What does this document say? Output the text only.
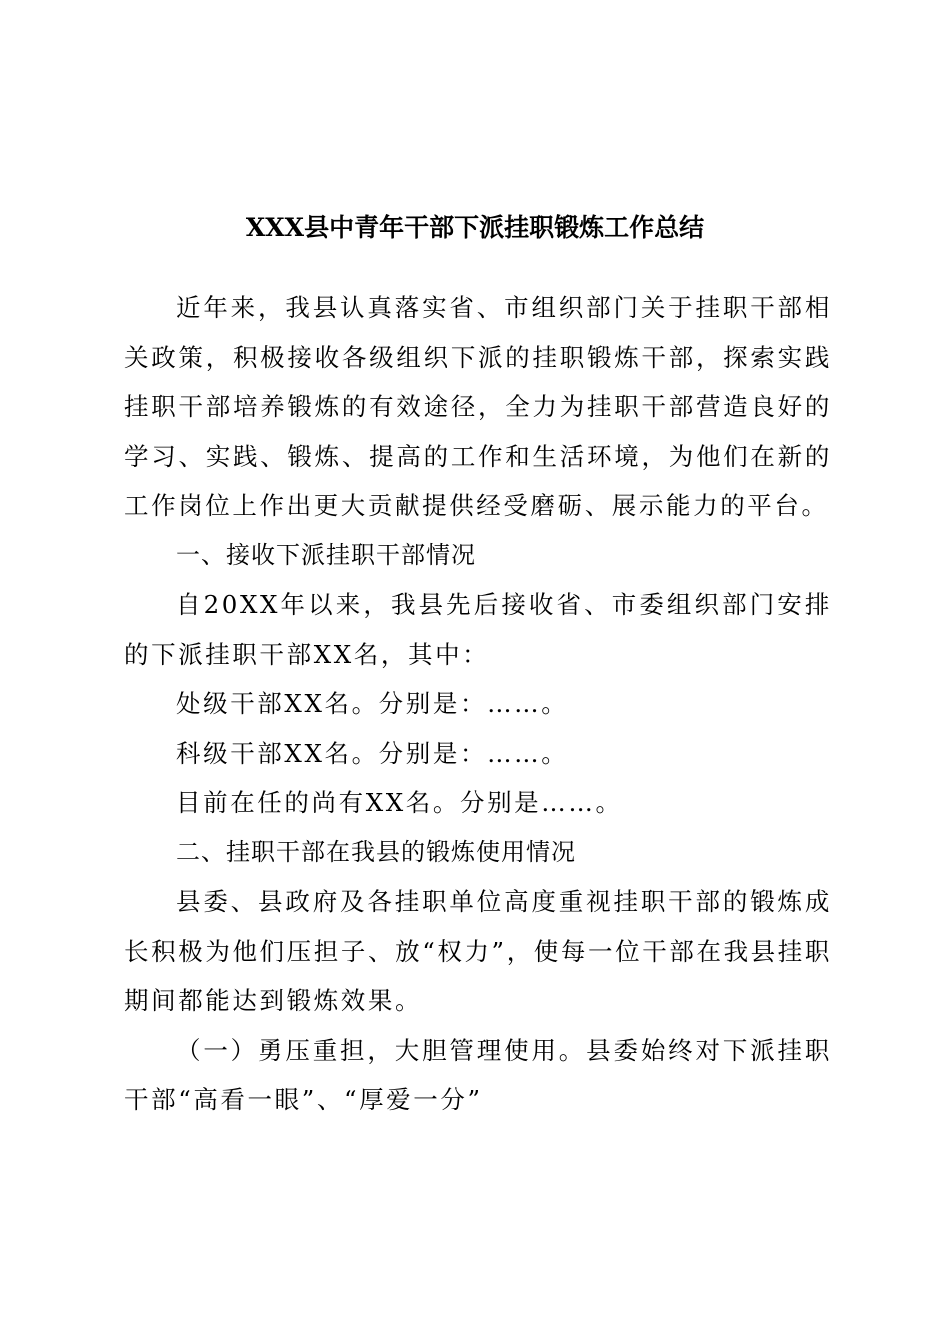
XXX县中青年干部下派挂职锻炼工作总结

近年来，我县认真落实省、市组织部门关于挂职干部相关政策，积极接收各级组织下派的挂职锻炼干部，探索实践挂职干部培养锻炼的有效途径，全力为挂职干部营造良好的学习、实践、锻炼、提高的工作和生活环境，为他们在新的工作岗位上作出更大贡献提供经受磨砺、展示能力的平台。

一、接收下派挂职干部情况

自20XX年以来，我县先后接收省、市委组织部门安排的下派挂职干部XX名，其中：

处级干部XX名。分别是：……。

科级干部XX名。分别是：……。

目前在任的尚有XX名。分别是……。

二、挂职干部在我县的锻炼使用情况

县委、县政府及各挂职单位高度重视挂职干部的锻炼成长积极为他们压担子、放“权力”，使每一位干部在我县挂职期间都能达到锻炼效果。

（一）勇压重担，大胆管理使用。县委始终对下派挂职干部“高看一眼”、“厚爱一分”
